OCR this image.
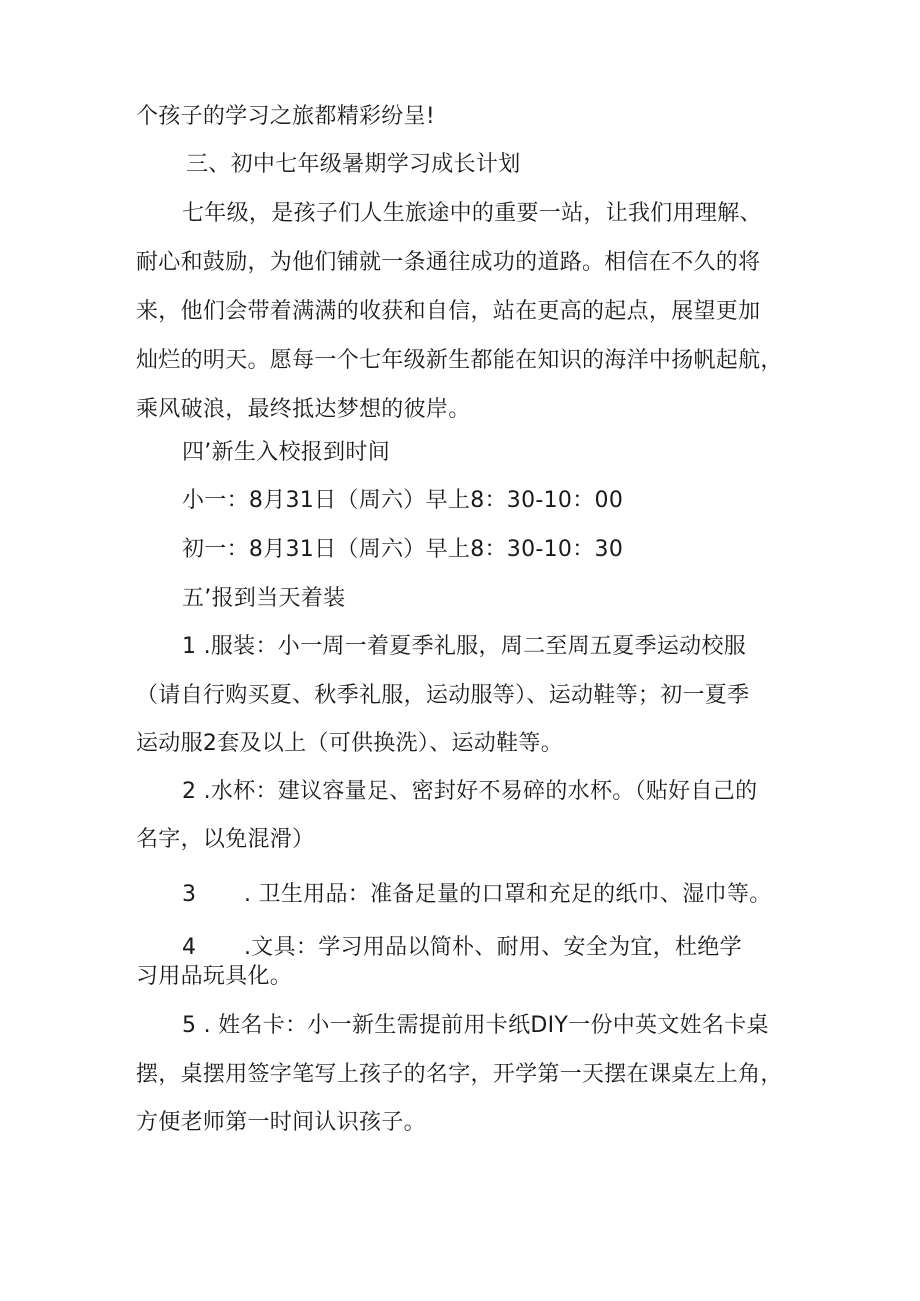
个孩子的学习之旅都精彩纷呈!
三、初中七年级暑期学习成长计划
七年级，是孩子们人生旅途中的重要一站，让我们用理解、
耐心和鼓励，为他们铺就一条通往成功的道路。相信在不久的将
来，他们会带着满满的收获和自信，站在更高的起点，展望更加
灿烂的明天。愿每一个七年级新生都能在知识的海洋中扬帆起航，
乘风破浪，最终抵达梦想的彼岸。
四’新生入校报到时间
小一：8月31日（周六）早上8：30-10：00
初一：8月31日（周六）早上8：30-10：30
五’报到当天着装
1 .服装：小一周一着夏季礼服，周二至周五夏季运动校服
（请自行购买夏、秋季礼服，运动服等）、运动鞋等；初一夏季
运动服2套及以上（可供换洗）、运动鞋等。
2 .水杯：建议容量足、密封好不易碎的水杯。（贴好自己的
名字，以免混滑）
3 . 卫生用品：准备足量的口罩和充足的纸巾、湿巾等。
4 .文具：学习用品以简朴、耐用、安全为宜，杜绝学
习用品玩具化。
5 . 姓名卡：小一新生需提前用卡纸DIY一份中英文姓名卡桌
摆，桌摆用签字笔写上孩子的名字，开学第一天摆在课桌左上角，
方便老师第一时间认识孩子。
